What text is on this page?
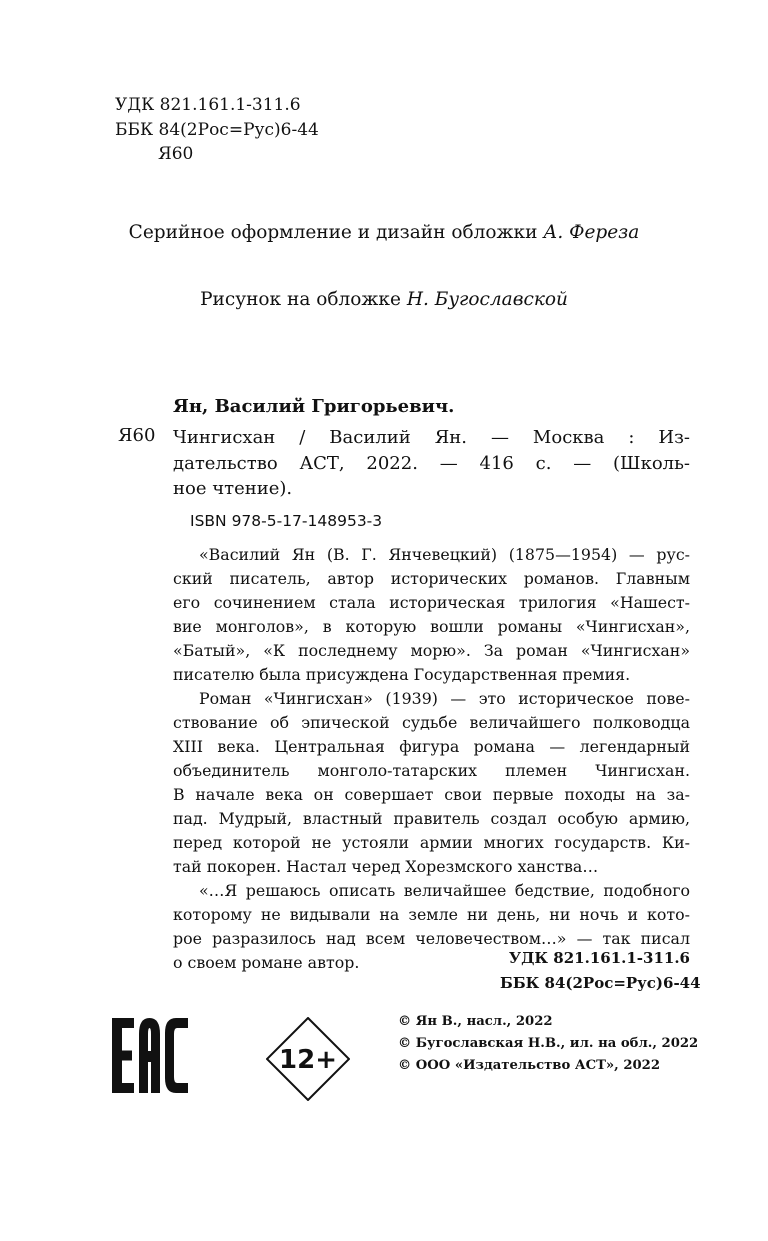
УДК 821.161.1-311.6
ББК 84(2Рос=Рус)6-44
Я60
Серийное оформление и дизайн обложки А. Фереза
Рисунок на обложке Н. Бугославской
Ян, Василий Григорьевич.
Я60 Чингисхан / Василий Ян. — Москва : Из-
дательство АСТ, 2022. — 416 с. — (Школь-
ное чтение).
ISBN 978-5-17-148953-3
«Василий Ян (В. Г. Янчевецкий) (1875—1954) — рус-
ский писатель, автор исторических романов. Главным
его сочинением стала историческая трилогия «Нашест-
вие монголов», в которую вошли романы «Чингисхан»,
«Батый», «К последнему морю». За роман «Чингисхан»
писателю была присуждена Государственная премия.
Роман «Чингисхан» (1939) — это историческое пове-
ствование об эпической судьбе величайшего полководца
XIII века. Центральная фигура романа — легендарный
объединитель монголо-татарских племен Чингисхан.
В начале века он совершает свои первые походы на за-
пад. Мудрый, властный правитель создал особую армию,
перед которой не устояли армии многих государств. Ки-
тай покорен. Настал черед Хорезмского ханства…
«…Я решаюсь описать величайшее бедствие, подобного
которому не видывали на земле ни день, ни ночь и кото-
рое разразилось над всем человечеством…» — так писал
о своем романе автор.	УДК 821.161.1-311.6
ББК 84(2Рос=Рус)6-44
12+
© Ян В., насл., 2022
© Бугославская Н.В., ил. на обл., 2022
© ООО «Издательство АСТ», 2022
